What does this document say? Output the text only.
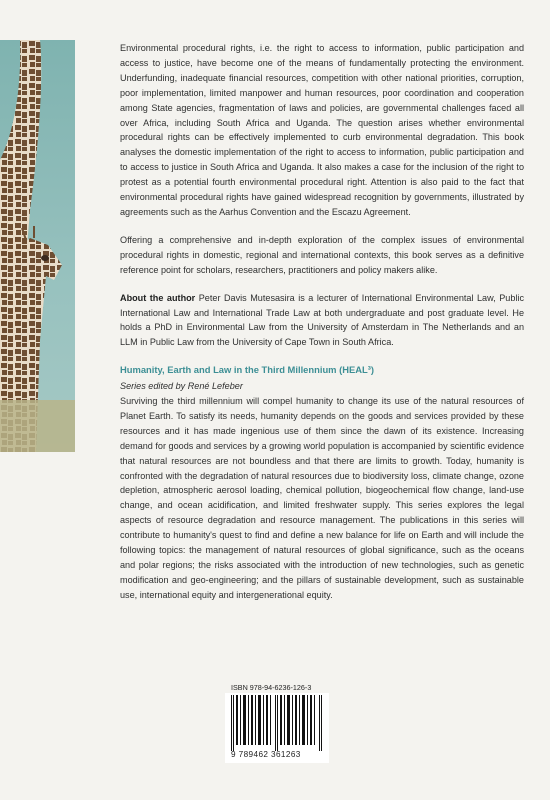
Environmental procedural rights, i.e. the right to access to information, public participation and access to justice, have become one of the means of fundamentally protecting the environment. Underfunding, inadequate financial resources, competition with other national priorities, corruption, poor implementation, limited manpower and human resources, poor coordination and cooperation among State agencies, fragmentation of laws and policies, are governmental challenges faced all over Africa, including South Africa and Uganda. The question arises whether environmental procedural rights can be effectively implemented to curb environmental degradation. This book analyses the domestic implementation of the right to access to information, public participation and to access to justice in South Africa and Uganda. It also makes a case for the inclusion of the right to protest as a potential fourth environmental procedural right. Attention is also paid to the fact that environmental procedural rights have gained widespread recognition by governments, illustrated by agreements such as the Aarhus Convention and the Escazu Agreement.

Offering a comprehensive and in-depth exploration of the complex issues of environmental procedural rights in domestic, regional and international contexts, this book serves as a definitive reference point for scholars, researchers, practitioners and policy makers alike.

About the author Peter Davis Mutesasira is a lecturer of International Environmental Law, Public International Law and International Trade Law at both undergraduate and post graduate level. He holds a PhD in Environmental Law from the University of Amsterdam in The Netherlands and an LLM in Public Law from the University of Cape Town in South Africa.

Humanity, Earth and Law in the Third Millennium (HEAL³)
Series edited by René Lefeber

Surviving the third millennium will compel humanity to change its use of the natural resources of Planet Earth. To satisfy its needs, humanity depends on the goods and services provided by these resources and it has made ingenious use of them since the dawn of its existence. Increasing demand for goods and services by a growing world population is accompanied by scientific evidence that natural resources are not boundless and that there are limits to growth. Today, humanity is confronted with the degradation of natural resources due to biodiversity loss, climate change, ozone depletion, atmospheric aerosol loading, chemical pollution, biogeochemical flow change, land-use change, and ocean acidification, and limited freshwater supply. This series explores the legal aspects of resource degradation and resource management. The publications in this series will contribute to humanity's quest to find and define a new balance for life on Earth and will include the following topics: the management of natural resources of global significance, such as the oceans and polar regions; the risks associated with the introduction of new technologies, such as genetic modification and geo-engineering; and the pillars of sustainable development, such as sustainable use, international equity and intergenerational equity.

ISBN 978-94-6236-126-3
9 789462 361263
